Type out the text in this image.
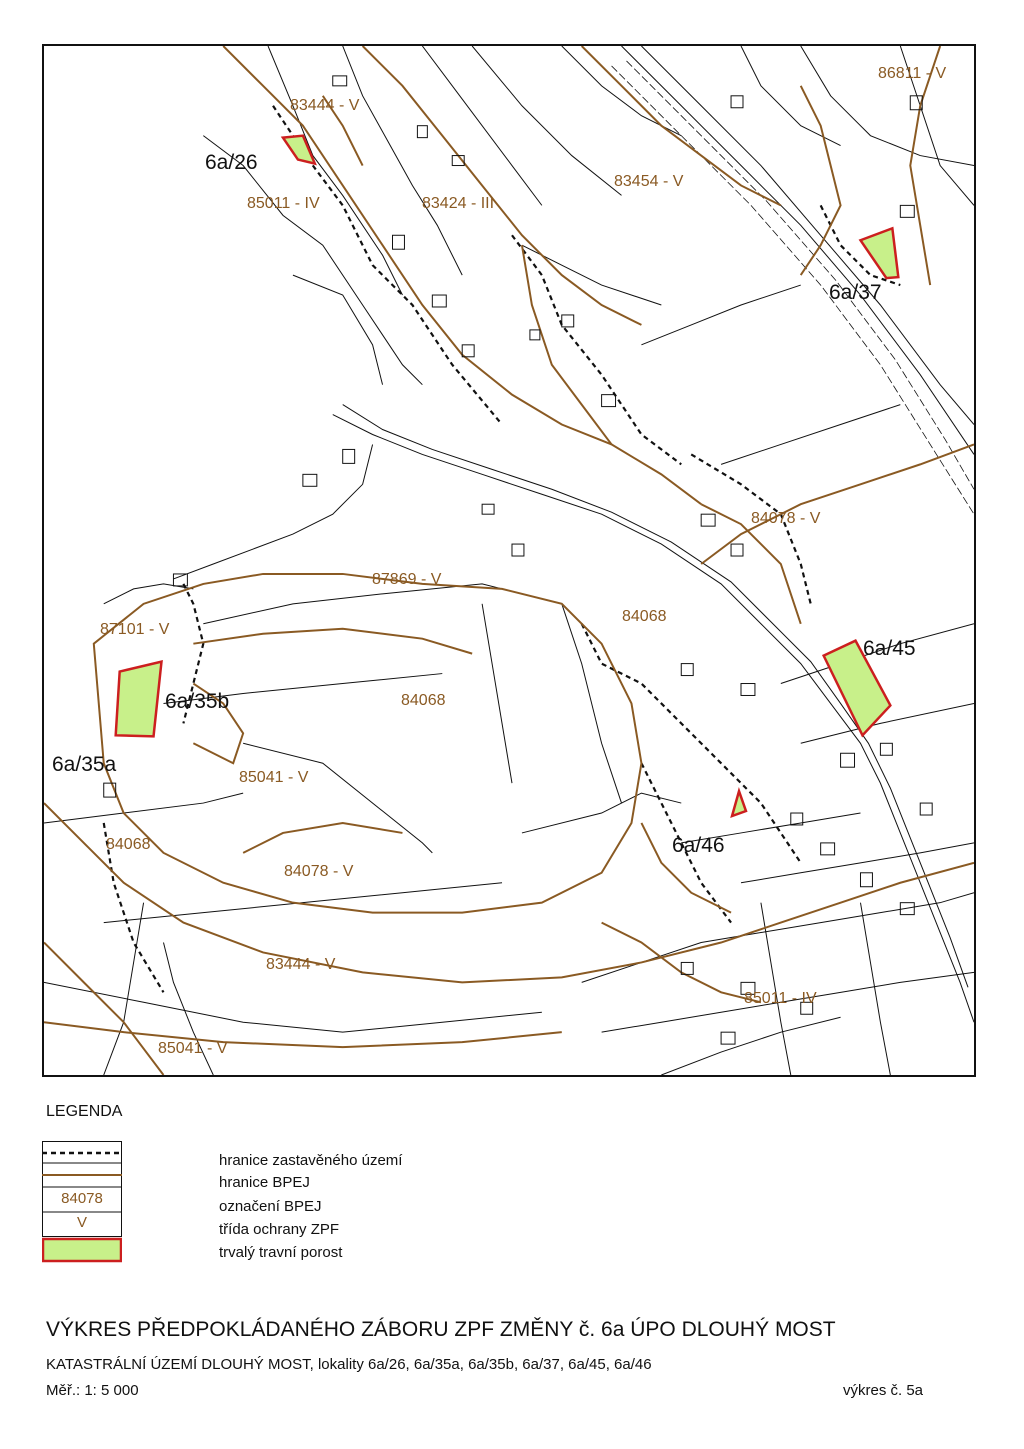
6a/26
6a/37
6a/45
6a/35b
6a/35a
6a/46
86811 - V
83444 - V
85011 - IV	83424 - III
83454 - V
84078 - V
87869 - V
87101 - V
84068
84068
85041 - V
84068
84078 - V
83444 - V
85011 - IV
85041 - V
LEGENDA
84078
V
hranice zastavěného území
hranice BPEJ
označení BPEJ
třída ochrany ZPF
trvalý travní porost
VÝKRES PŘEDPOKLÁDANÉHO ZÁBORU ZPF ZMĚNY č. 6a ÚPO DLOUHÝ MOST
KATASTRÁLNÍ ÚZEMÍ DLOUHÝ MOST, lokality 6a/26, 6a/35a, 6a/35b, 6a/37, 6a/45, 6a/46
Měř.: 1: 5 000	výkres č. 5a
